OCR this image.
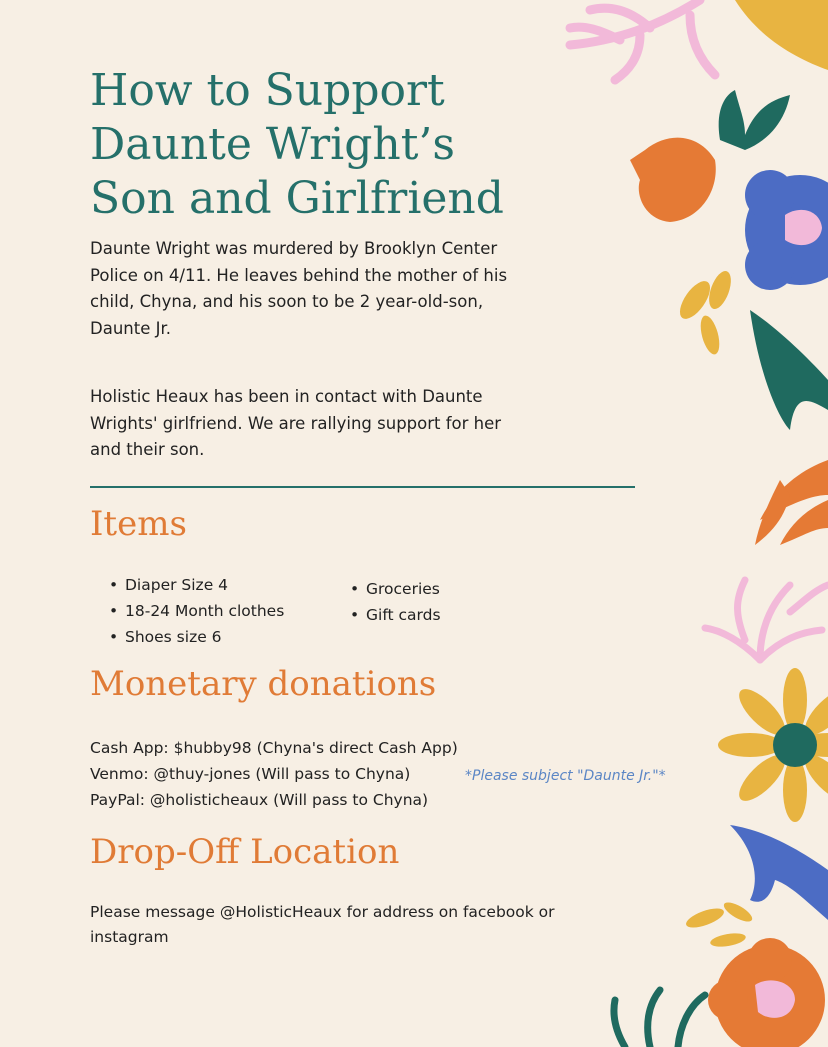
How to Support
Daunte Wright’s
Son and Girlfriend

Daunte Wright was murdered by Brooklyn Center
Police on 4/11. He leaves behind the mother of his
child, Chyna, and his soon to be 2 year-old-son,
Daunte Jr.

Holistic Heaux has been in contact with Daunte
Wrights' girlfriend. We are rallying support for her
and their son.

Items
• Diaper Size 4
• 18-24 Month clothes
• Shoes size 6
• Groceries
• Gift cards
Monetary donations
Cash App: $hubby98 (Chyna's direct Cash App)
Venmo: @thuy-jones (Will pass to Chyna)
PayPal: @holisticheaux (Will pass to Chyna)
*Please subject "Daunte Jr."*
Drop-Off Location
Please message @HolisticHeaux for address on facebook or
instagram
